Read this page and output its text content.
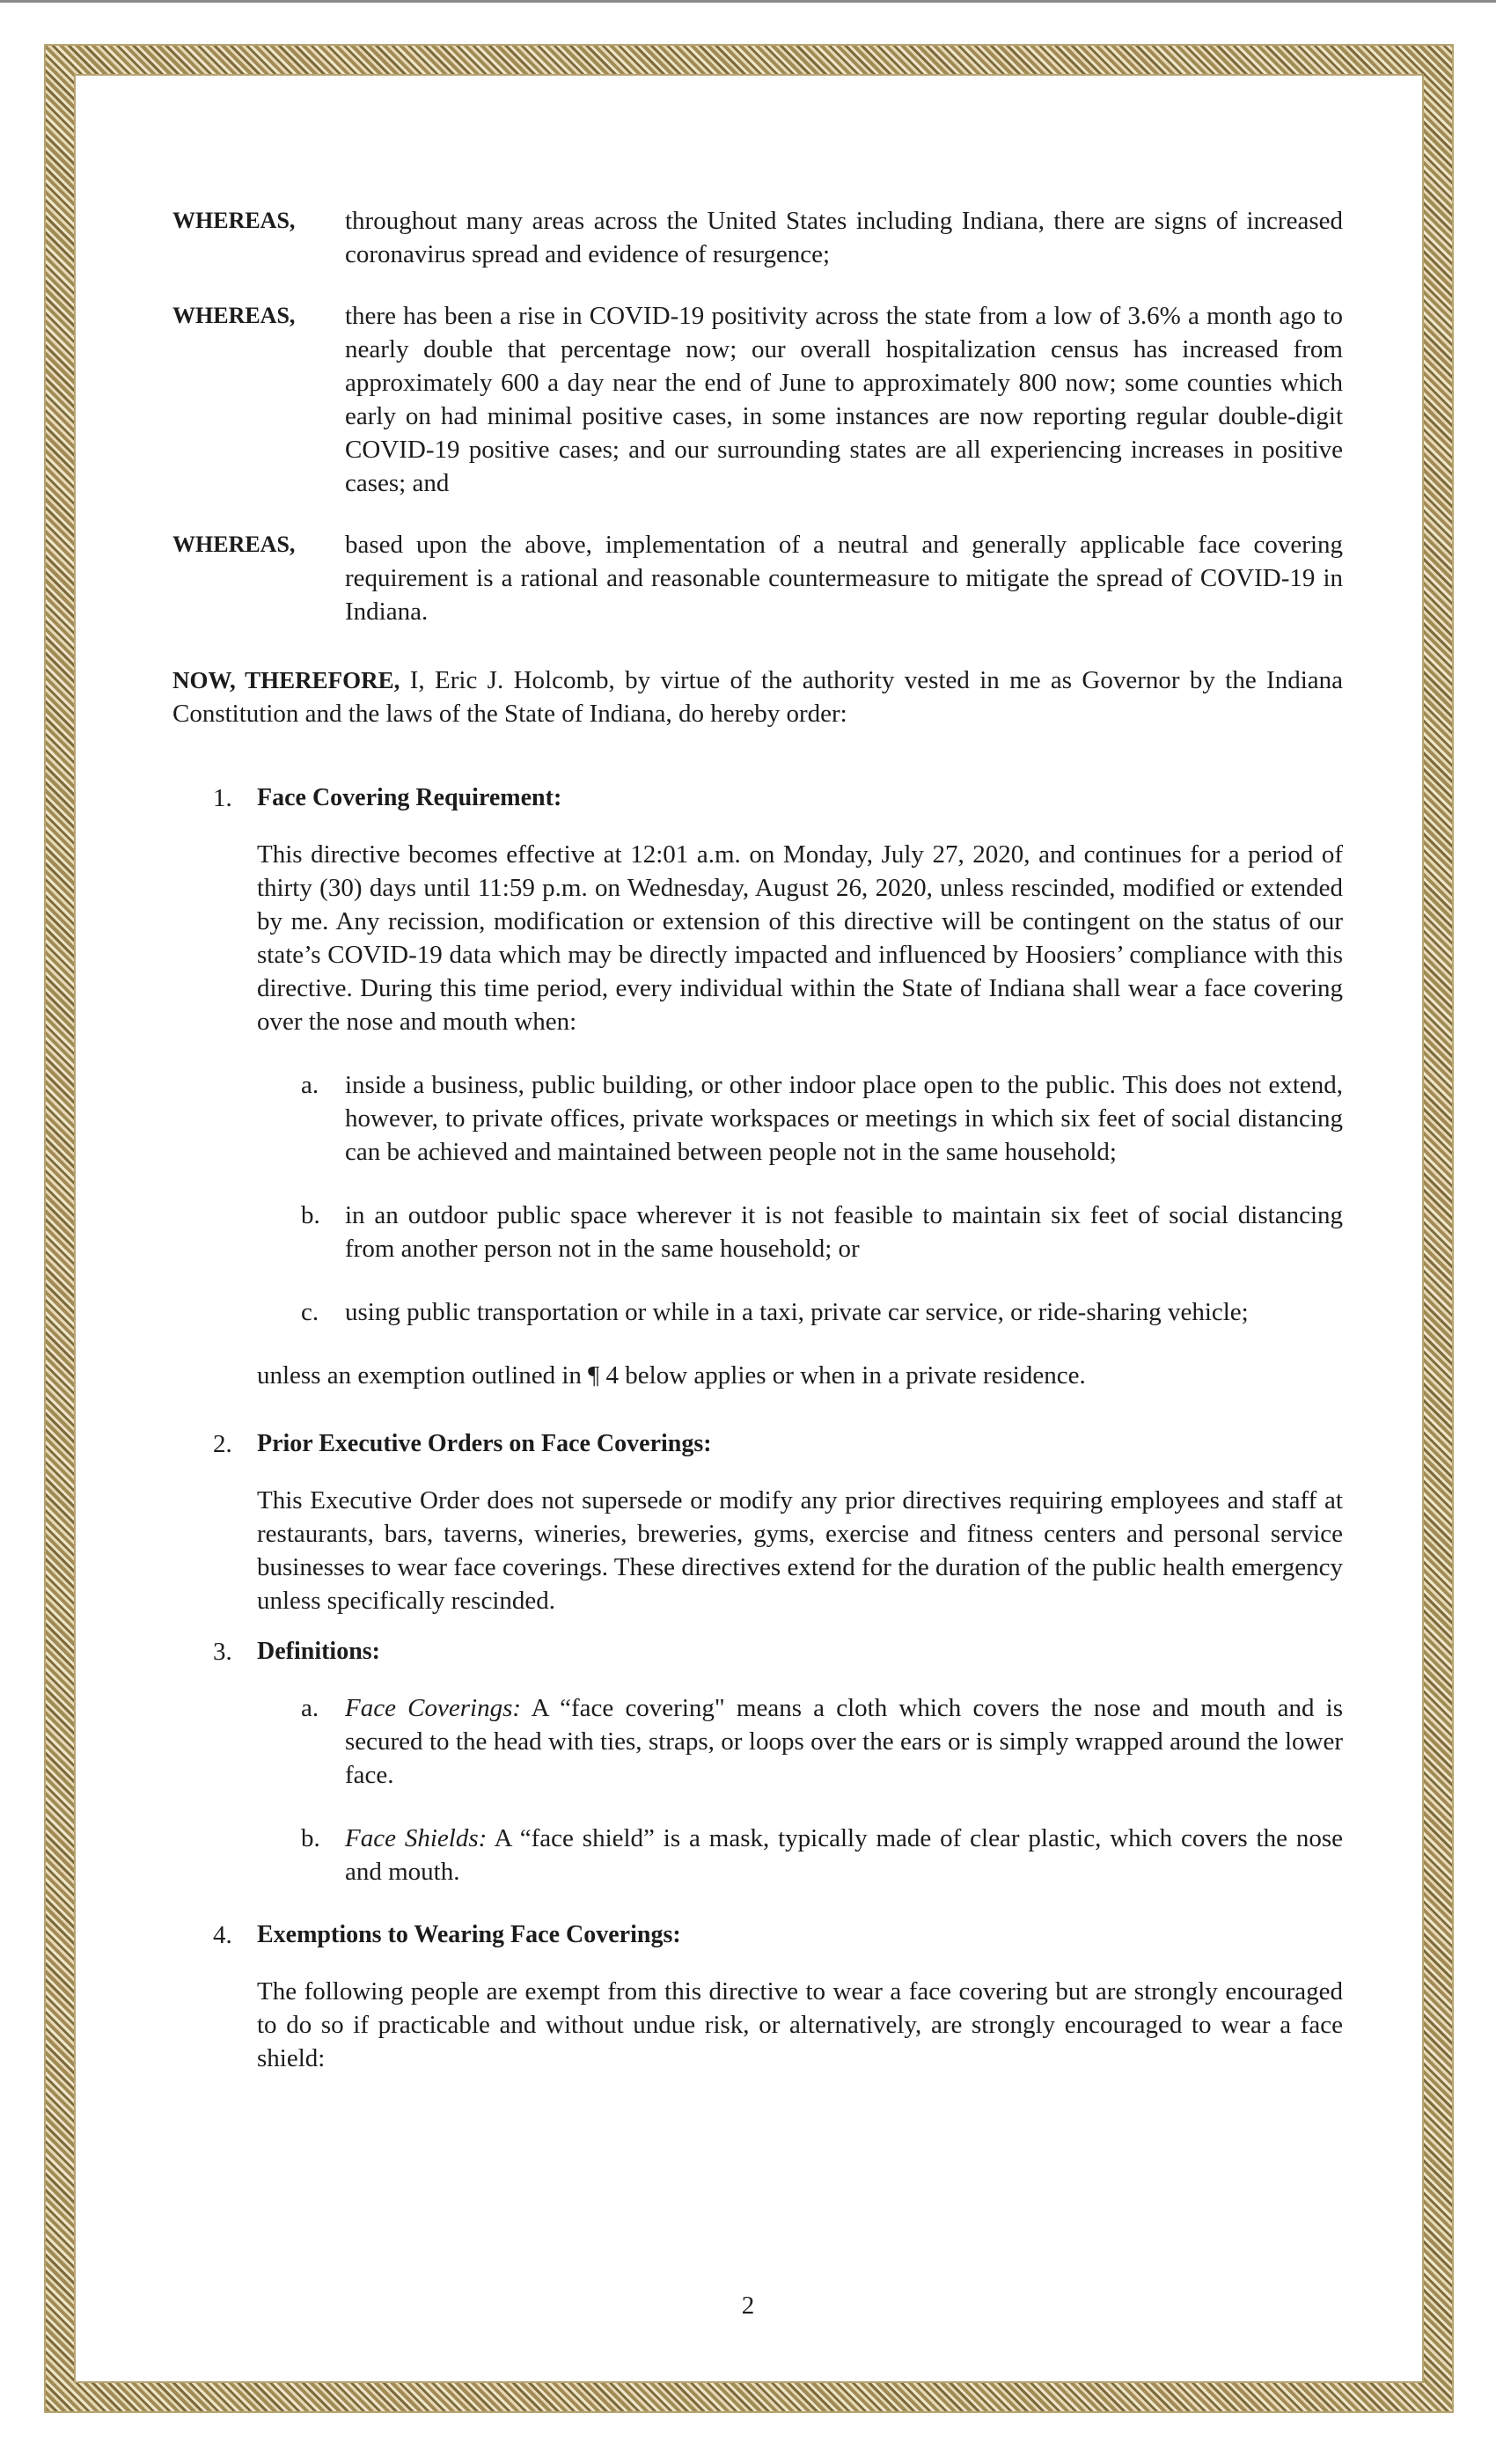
WHEREAS,	throughout many areas across the United States including Indiana, there are signs of increased coronavirus spread and evidence of resurgence;
WHEREAS,	there has been a rise in COVID-19 positivity across the state from a low of 3.6% a month ago to nearly double that percentage now; our overall hospitalization census has increased from approximately 600 a day near the end of June to approximately 800 now; some counties which early on had minimal positive cases, in some instances are now reporting regular double-digit COVID-19 positive cases; and our surrounding states are all experiencing increases in positive cases; and
WHEREAS,	based upon the above, implementation of a neutral and generally applicable face covering requirement is a rational and reasonable countermeasure to mitigate the spread of COVID-19 in Indiana.
NOW, THEREFORE, I, Eric J. Holcomb, by virtue of the authority vested in me as Governor by the Indiana Constitution and the laws of the State of Indiana, do hereby order:
1.	Face Covering Requirement:
This directive becomes effective at 12:01 a.m. on Monday, July 27, 2020, and continues for a period of thirty (30) days until 11:59 p.m. on Wednesday, August 26, 2020, unless rescinded, modified or extended by me. Any recission, modification or extension of this directive will be contingent on the status of our state’s COVID-19 data which may be directly impacted and influenced by Hoosiers’ compliance with this directive. During this time period, every individual within the State of Indiana shall wear a face covering over the nose and mouth when:
a.	inside a business, public building, or other indoor place open to the public. This does not extend, however, to private offices, private workspaces or meetings in which six feet of social distancing can be achieved and maintained between people not in the same household;
b. in an outdoor public space wherever it is not feasible to maintain six feet of social distancing from another person not in the same household; or
c.	using public transportation or while in a taxi, private car service, or ride-sharing vehicle;
unless an exemption outlined in ¶ 4 below applies or when in a private residence.
2.	Prior Executive Orders on Face Coverings:
This Executive Order does not supersede or modify any prior directives requiring employees and staff at restaurants, bars, taverns, wineries, breweries, gyms, exercise and fitness centers and personal service businesses to wear face coverings. These directives extend for the duration of the public health emergency unless specifically rescinded.
3.	Definitions:
a.	Face Coverings: A “face covering" means a cloth which covers the nose and mouth and is secured to the head with ties, straps, or loops over the ears or is simply wrapped around the lower face.
b. Face Shields: A “face shield” is a mask, typically made of clear plastic, which covers the nose and mouth.
4.	Exemptions to Wearing Face Coverings:
The following people are exempt from this directive to wear a face covering but are strongly encouraged to do so if practicable and without undue risk, or alternatively, are strongly encouraged to wear a face shield:
2
